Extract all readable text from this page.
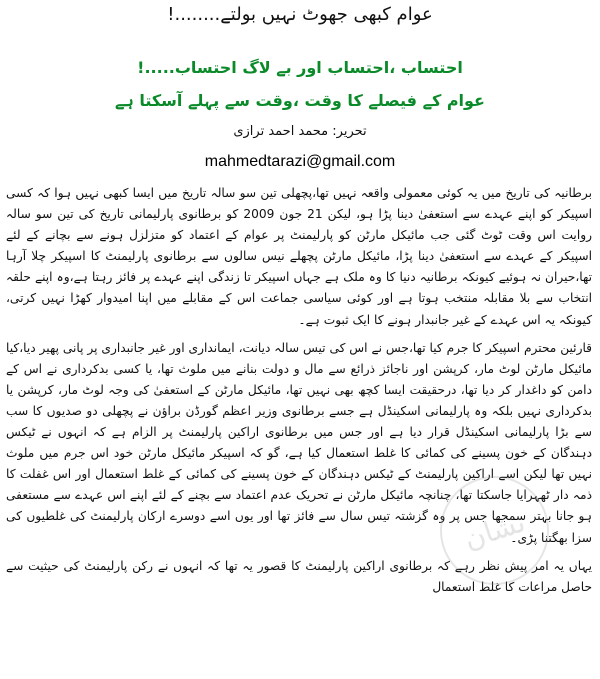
عوام کبھی جھوٹ نہیں بولتے........!
احتساب ،احتساب اور بے لاگ احتساب.....!
عوام کے فیصلے کا وقت ،وقت سے پہلے آسکتا ہے
تحریر: محمد احمد ترازی
mahmedtarazi@gmail.com

برطانیہ کی تاریخ میں یہ کوئی معمولی واقعہ نہیں تھا،پچھلی تین سو سالہ تاریخ میں ایسا کبھی نہیں ہوا کہ کسی اسپیکر کو اپنے عہدے سے استعفیٰ دینا پڑا ہو، لیکن 21 جون 2009 کو برطانوی پارلیمانی تاریخ کی تین سو سالہ روایت اس وقت ٹوٹ گئی جب مائیکل مارٹن کو پارلیمنٹ پر عوام کے اعتماد کو متزلزل ہونے سے بچانے کے لئے اسپیکر کے عہدے سے استعفیٰ دینا پڑا، مائیکل مارٹن پچھلے نیس سالوں سے برطانوی پارلیمنٹ کا اسپیکر چلا آرہا تھا،حیران نہ ہوئیے کیونکہ برطانیہ دنیا کا وہ ملک ہے جہاں اسپیکر تا زندگی اپنے عہدے پر فائز رہتا ہے،وہ اپنے حلقہ انتخاب سے بلا مقابلہ منتخب ہوتا ہے اور کوئی سیاسی جماعت اس کے مقابلے میں اپنا امیدوار کھڑا نہیں کرتی، کیونکہ یہ اس عہدے کے غیر جانبدار ہونے کا ایک ثبوت ہے۔

قارئین محترم اسپیکر کا جرم کیا تھا،جس نے اس کی تیس سالہ دیانت، ایمانداری اور غیر جانبداری پر پانی پھیر دیا،کیا مائیکل مارٹن لوٹ مار، کرپشن اور ناجائز ذرائع سے مال و دولت بنانے میں ملوث تھا، یا کسی بدکرداری نے اس کے دامن کو داغدار کر دیا تھا، درحقیقت ایسا کچھ بھی نہیں تھا، مائیکل مارٹن کے استعفیٰ کی وجہ لوٹ مار، کرپشن یا بدکرداری نہیں بلکہ وہ پارلیمانی اسکینڈل ہے جسے برطانوی وزیر اعظم گورڈن براؤن نے پچھلی دو صدیوں کا سب سے بڑا پارلیمانی اسکینڈل قرار دیا ہے اور جس میں برطانوی اراکین پارلیمنٹ پر الزام ہے کہ انہوں نے ٹیکس دہندگان کے خون پسینے کی کمائی کا غلط استعمال کیا ہے، گو کہ اسپیکر مائیکل مارٹن خود اس جرم میں ملوث نہیں تھا لیکن اسے اراکین پارلیمنٹ کے ٹیکس دہندگان کے خون پسینے کی کمائی کے غلط استعمال اور اس غفلت کا ذمہ دار ٹھہرایا جاسکتا تھا، چنانچہ مائیکل مارٹن نے تحریک عدم اعتماد سے بچنے کے لئے اپنے اس عہدے سے مستعفی ہو جانا بہتر سمجھا جس پر وہ گزشتہ تیس سال سے فائز تھا اور یوں اسے دوسرے ارکان پارلیمنٹ کی غلطیوں کی سزا بھگتنا پڑی۔

یہاں یہ امر پیش نظر رہے کہ برطانوی اراکین پارلیمنٹ کا قصور یہ تھا کہ انہوں نے رکن پارلیمنٹ کی حیثیت سے حاصل مراعات کا غلط استعمال

نشان
